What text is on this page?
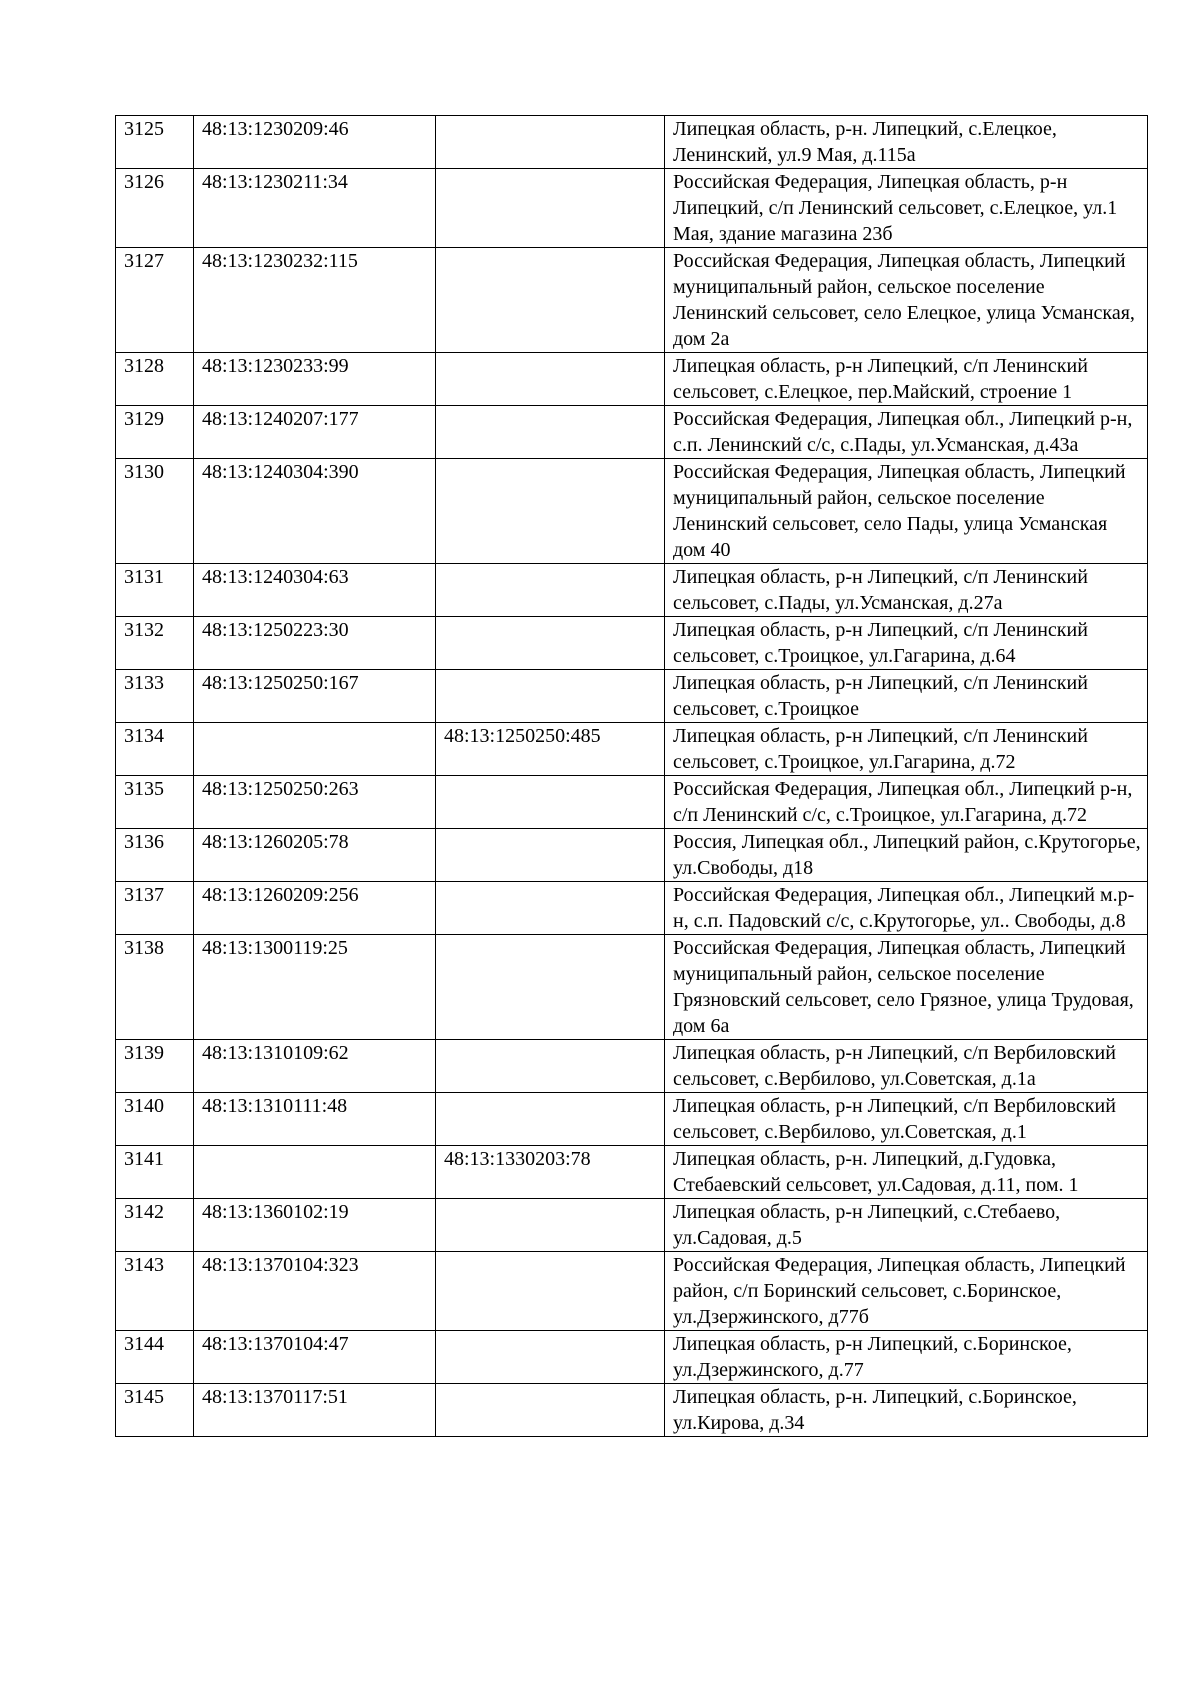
3125	48:13:1230209:46		Липецкая область, р-н. Липецкий, с.Елецкое, Ленинский, ул.9 Мая, д.115а
3126	48:13:1230211:34		Российская Федерация, Липецкая область, р-н Липецкий, с/п Ленинский сельсовет, с.Елецкое, ул.1 Мая, здание магазина 23б
3127	48:13:1230232:115		Российская Федерация, Липецкая область, Липецкий муниципальный район, сельское поселение Ленинский сельсовет, село Елецкое, улица Усманская, дом 2а
3128	48:13:1230233:99		Липецкая область, р-н Липецкий, с/п Ленинский сельсовет, с.Елецкое, пер.Майский, строение 1
3129	48:13:1240207:177		Российская Федерация, Липецкая обл., Липецкий р-н, с.п. Ленинский с/с, с.Пады, ул.Усманская, д.43а
3130	48:13:1240304:390		Российская Федерация, Липецкая область, Липецкий муниципальный район, сельское поселение Ленинский сельсовет, село Пады, улица Усманская дом 40
3131	48:13:1240304:63		Липецкая область, р-н Липецкий, с/п Ленинский сельсовет, с.Пады, ул.Усманская, д.27а
3132	48:13:1250223:30		Липецкая область, р-н Липецкий, с/п Ленинский сельсовет, с.Троицкое, ул.Гагарина, д.64
3133	48:13:1250250:167		Липецкая область, р-н Липецкий, с/п Ленинский сельсовет, с.Троицкое
3134		48:13:1250250:485	Липецкая область, р-н Липецкий, с/п Ленинский сельсовет, с.Троицкое, ул.Гагарина, д.72
3135	48:13:1250250:263		Российская Федерация, Липецкая обл., Липецкий р-н, с/п Ленинский с/с, с.Троицкое, ул.Гагарина, д.72
3136	48:13:1260205:78		Россия, Липецкая обл., Липецкий район, с.Крутогорье, ул.Свободы, д18
3137	48:13:1260209:256		Российская Федерация, Липецкая обл., Липецкий м.р-н, с.п. Падовский с/с, с.Крутогорье, ул.. Свободы, д.8
3138	48:13:1300119:25		Российская Федерация, Липецкая область, Липецкий муниципальный район, сельское поселение Грязновский сельсовет, село Грязное, улица Трудовая, дом 6а
3139	48:13:1310109:62		Липецкая область, р-н Липецкий, с/п Вербиловский сельсовет, с.Вербилово, ул.Советская, д.1а
3140	48:13:1310111:48		Липецкая область, р-н Липецкий, с/п Вербиловский сельсовет, с.Вербилово, ул.Советская, д.1
3141		48:13:1330203:78	Липецкая область, р-н. Липецкий, д.Гудовка, Стебаевский сельсовет, ул.Садовая, д.11, пом. 1
3142	48:13:1360102:19		Липецкая область, р-н Липецкий, с.Стебаево, ул.Садовая, д.5
3143	48:13:1370104:323		Российская Федерация, Липецкая область, Липецкий район, с/п Боринский сельсовет, с.Боринское, ул.Дзержинского, д77б
3144	48:13:1370104:47		Липецкая область, р-н Липецкий, с.Боринское, ул.Дзержинского, д.77
3145	48:13:1370117:51		Липецкая область, р-н. Липецкий, с.Боринское, ул.Кирова, д.34
